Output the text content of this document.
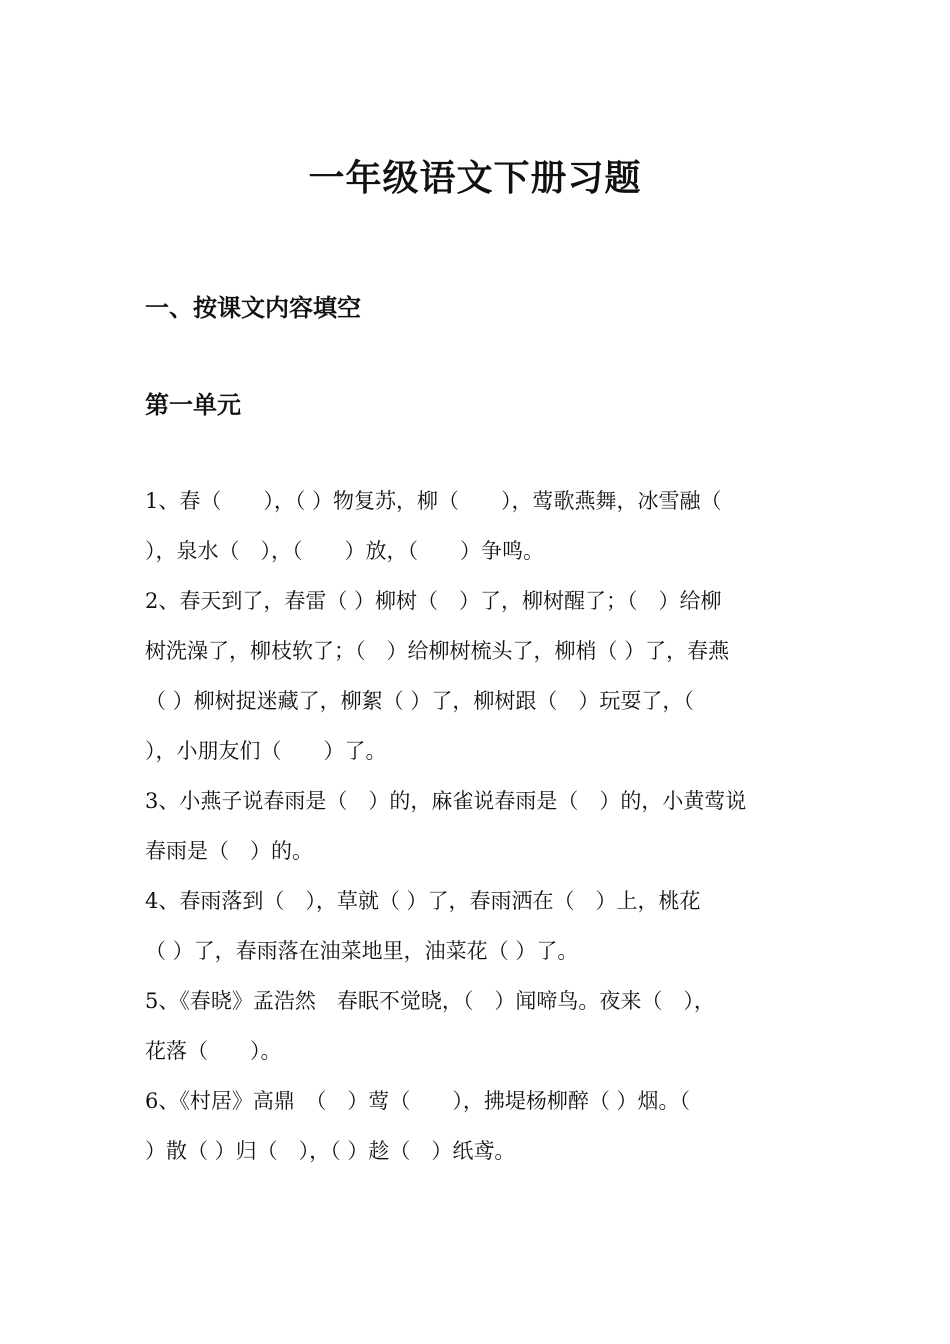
一年级语文下册习题
一、按课文内容填空
第一单元
1、春（　　），（ ）物复苏，柳（　　），莺歌燕舞，冰雪融（
），泉水（　），（　　）放，（　　）争鸣。
2、春天到了，春雷（ ）柳树（　）了，柳树醒了；（　）给柳
树洗澡了，柳枝软了；（　）给柳树梳头了，柳梢（ ）了，春燕
（ ）柳树捉迷藏了，柳絮（ ）了，柳树跟（　）玩耍了，（
），小朋友们（　　）了。
3、小燕子说春雨是（　）的，麻雀说春雨是（　）的，小黄莺说
春雨是（　）的。
4、春雨落到（　），草就（ ）了，春雨洒在（　）上，桃花
（ ）了，春雨落在油菜地里，油菜花（ ）了。
5、《春晓》孟浩然　春眠不觉晓，（　）闻啼鸟。夜来（　），
花落（　　）。
6、《村居》高鼎　（　）莺（　　），拂堤杨柳醉（ ）烟。（
）散（ ）归（　），（ ）趁（　）纸鸢。
